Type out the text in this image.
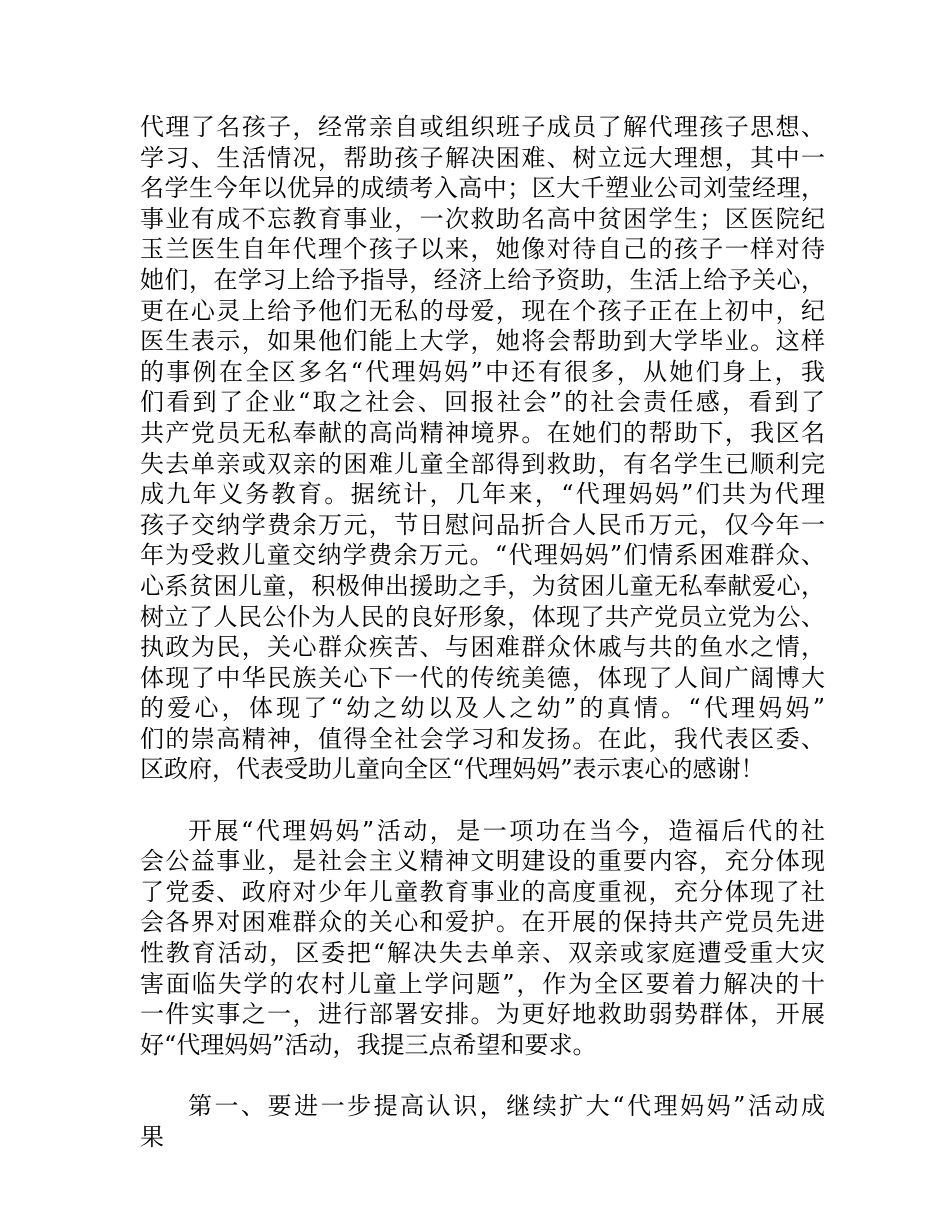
代理了名孩子，经常亲自或组织班子成员了解代理孩子思想、
学习、生活情况，帮助孩子解决困难、树立远大理想，其中一
名学生今年以优异的成绩考入高中；区大千塑业公司刘莹经理，
事业有成不忘教育事业，一次救助名高中贫困学生；区医院纪
玉兰医生自年代理个孩子以来，她像对待自己的孩子一样对待
她们，在学习上给予指导，经济上给予资助，生活上给予关心，
更在心灵上给予他们无私的母爱，现在个孩子正在上初中，纪
医生表示，如果他们能上大学，她将会帮助到大学毕业。这样
的事例在全区多名“代理妈妈”中还有很多，从她们身上，我
们看到了企业“取之社会、回报社会”的社会责任感，看到了
共产党员无私奉献的高尚精神境界。在她们的帮助下，我区名
失去单亲或双亲的困难儿童全部得到救助，有名学生已顺利完
成九年义务教育。据统计，几年来，“代理妈妈”们共为代理
孩子交纳学费余万元，节日慰问品折合人民币万元，仅今年一
年为受救儿童交纳学费余万元。“代理妈妈”们情系困难群众、
心系贫困儿童，积极伸出援助之手，为贫困儿童无私奉献爱心，
树立了人民公仆为人民的良好形象，体现了共产党员立党为公、
执政为民，关心群众疾苦、与困难群众休戚与共的鱼水之情，
体现了中华民族关心下一代的传统美德，体现了人间广阔博大
的爱心，体现了“幼之幼以及人之幼”的真情。“代理妈妈”
们的崇高精神，值得全社会学习和发扬。在此，我代表区委、
区政府，代表受助儿童向全区“代理妈妈”表示衷心的感谢！
开展“代理妈妈”活动，是一项功在当今，造福后代的社
会公益事业，是社会主义精神文明建设的重要内容，充分体现
了党委、政府对少年儿童教育事业的高度重视，充分体现了社
会各界对困难群众的关心和爱护。在开展的保持共产党员先进
性教育活动，区委把“解决失去单亲、双亲或家庭遭受重大灾
害面临失学的农村儿童上学问题”，作为全区要着力解决的十
一件实事之一，进行部署安排。为更好地救助弱势群体，开展
好“代理妈妈”活动，我提三点希望和要求。
第一、要进一步提高认识，继续扩大“代理妈妈”活动成
果
